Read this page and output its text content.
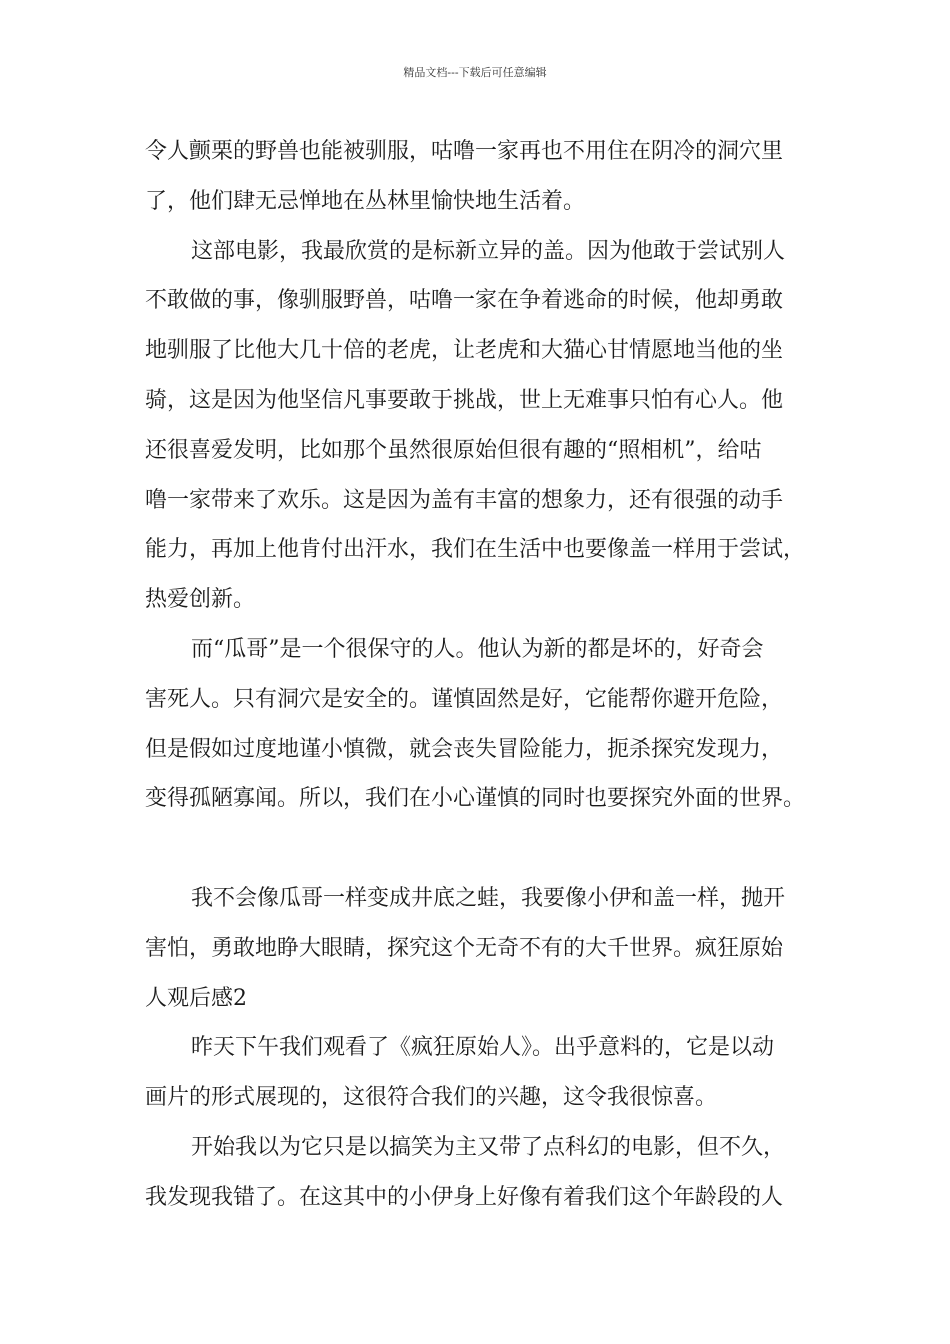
精品文档---下载后可任意编辑
令人颤栗的野兽也能被驯服，咕噜一家再也不用住在阴冷的洞穴里
了，他们肆无忌惮地在丛林里愉快地生活着。
这部电影，我最欣赏的是标新立异的盖。因为他敢于尝试别人
不敢做的事，像驯服野兽，咕噜一家在争着逃命的时候，他却勇敢
地驯服了比他大几十倍的老虎，让老虎和大猫心甘情愿地当他的坐
骑，这是因为他坚信凡事要敢于挑战，世上无难事只怕有心人。他
还很喜爱发明，比如那个虽然很原始但很有趣的“照相机”，给咕
噜一家带来了欢乐。这是因为盖有丰富的想象力，还有很强的动手
能力，再加上他肯付出汗水，我们在生活中也要像盖一样用于尝试，
热爱创新。
而“瓜哥”是一个很保守的人。他认为新的都是坏的，好奇会
害死人。只有洞穴是安全的。谨慎固然是好，它能帮你避开危险，
但是假如过度地谨小慎微，就会丧失冒险能力，扼杀探究发现力，
变得孤陋寡闻。所以，我们在小心谨慎的同时也要探究外面的世界。
我不会像瓜哥一样变成井底之蛙，我要像小伊和盖一样，抛开
害怕，勇敢地睁大眼睛，探究这个无奇不有的大千世界。疯狂原始
人观后感2
昨天下午我们观看了《疯狂原始人》。出乎意料的，它是以动
画片的形式展现的，这很符合我们的兴趣，这令我很惊喜。
开始我以为它只是以搞笑为主又带了点科幻的电影，但不久，
我发现我错了。在这其中的小伊身上好像有着我们这个年龄段的人
